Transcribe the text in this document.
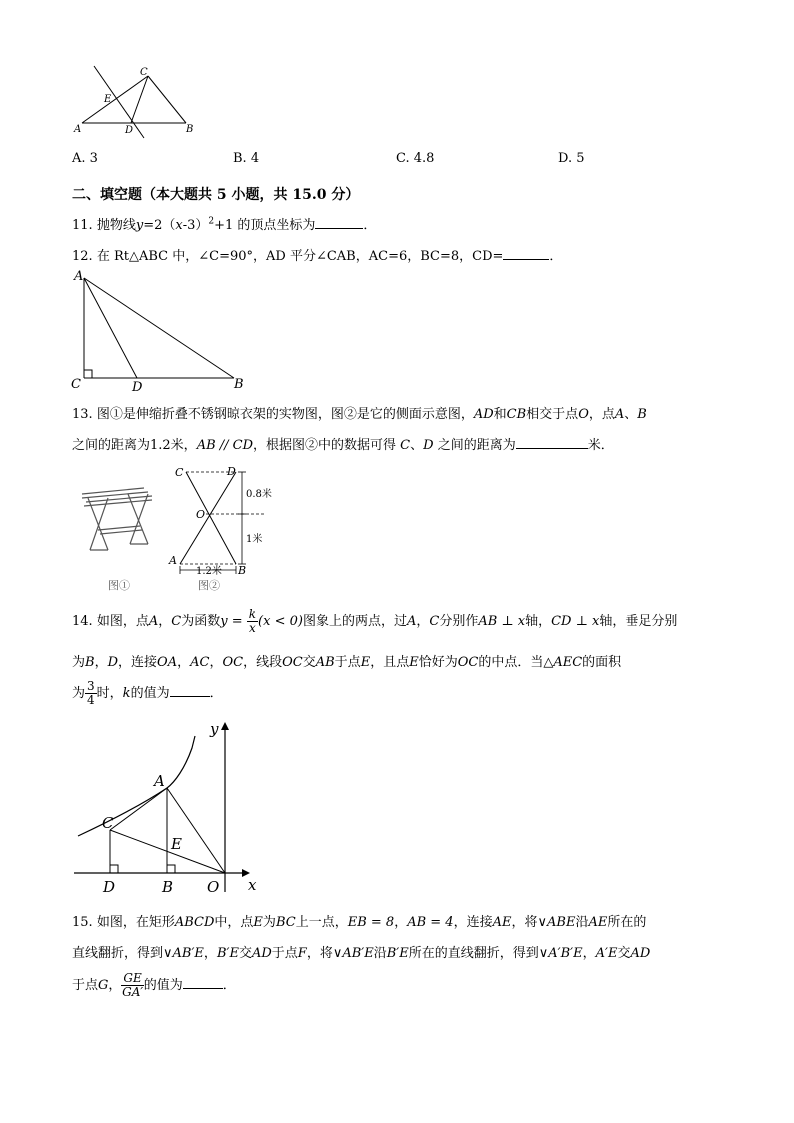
C
E
A	D	B
A. 3	B. 4	C. 4.8	D. 5
二、填空题（本大题共 5 小题，共 15.0 分）
11. 抛物线$y=2(x-3)^2+1$ 的顶点坐标为	．
12. 在 Rt△ABC 中，∠C=90°，AD 平分∠CAB，AC=6，BC=8，CD=	．
A
C	D	B
13. 图①是伸缩折叠不锈钢晾衣架的实物图，图②是它的侧面示意图，AD和CB相交于点O，点A、B
之间的距离为1.2米，AB // CD，根据图②中的数据可得 C、D 之间的距离为	米．
图①
C	D
O
A
B
0.8米
1米
1.2米
图②
14. 如图，点A，C为函数$y = \frac{k}{x} (x < 0)$图象上的两点，过A，C分别作AB ⊥ x轴，CD ⊥ x轴，垂足分别
为B，D，连接OA，AC，OC，线段OC交AB于点E，且点E恰好为OC的中点．当△AEC的面积
为 $\frac{3}{4}$ 时，k的值为	．
y
A
C
E
D	B O x
15. 如图，在矩形ABCD中，点E为BC上一点，EB = 8，AB = 4，连接AE，将∨ABE沿AE所在的
直线翻折，得到∨AB′E，B′E交AD于点F，将∨AB′E沿B′E所在的直线翻折，得到∨A′B′E，A′E交AD
于点G， $\frac{GE}{GA'}$ 的值为	．
